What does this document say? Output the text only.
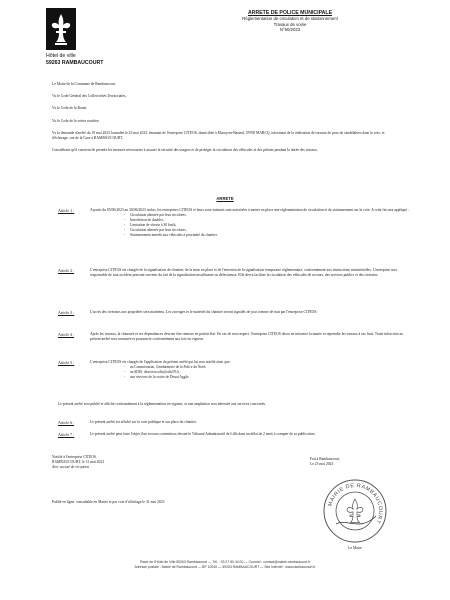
Hôtel de ville
59263 RAMBAUCOURT
ARRETE DE POLICE MUNICIPALE
Réglementation de circulation et de stationnement
Travaux de voirie
N°60/2023
Le Maire de la Commune de Rambaucourt,
Vu le Code Général des Collectivités Territoriales,
Vu le Code de la Route,
Vu le Code de la voirie routière,
Vu la demande d'arrêté du 19 mai 2023 formulée le 23 mai 2023, émanant de l'entreprise CITEOS, domiciliée à Marcq-en-Barœul, 59700 MARCQ, informant de la réalisation de travaux de pose de candélabres dans la voie, et d'éclairage, rue de la Gare à RAMBAUCOURT,
Considérant qu'il convient de prendre les mesures nécessaires à assurer la sécurité des usagers et de protéger la circulation des véhicules et des piétons pendant la durée des travaux,
ARRETE
Article 1 :	A partir du 05/06/2023 au 30/06/2023 inclus, les entreprises CITEOS et leurs sous-traitants sont autorisées à mettre en place une réglementation de circulation et de stationnement sur la voie. A cette fin sera appliqué :
- Circulation alternée par feux tricolores,
- Interdiction de doubler,
- Limitation de vitesse à 30 km/h,
- Circulation alternée par feux tricolores,
- Stationnement interdit aux véhicules à proximité du chantier.
Article 2 :	L'entreprise CITEOS est chargée de la signalisation de chantier, de la mise en place et de l'entretien de la signalisation temporaire réglementaire, conformément aux instructions ministérielles. L'entreprise sera responsable de tout accident pouvant survenir du fait de la signalisation insuffisante ou défectueuse. Elle devra faciliter la circulation des véhicules de secours, des services publics et des riverains.
Article 3 :	L'accès des riverains aux propriétés sera maintenu. Les ouvrages et le matériel du chantier seront signalés de jour comme de nuit par l'entreprise CITEOS.
Article 4 :	Après les travaux, la chaussée et ses dépendances devront être remises en parfait état. En cas de non respect, l'entreprise CITEOS devra en informer la mairie et reprendre les travaux à ses frais. Toute infraction au présent arrêté sera constatée et poursuivie conformément aux lois en vigueur.
Article 5 :	L'entreprise CITEOS est chargée de l'application du présent arrêté qui lui sera notifié ainsi que :
- au Commissariat, Gendarmerie de la Police du Nord,
- au SDIS, direction.sdis@sdis59.fr,
- aux services de la voirie de Douai Agglo.
Le présent arrêté sera publié et affiché conformément à la réglementation en vigueur, et une ampliation sera adressée aux services concernés.
Article 6 :	Le présent arrêté est affiché sur la voie publique et sur place du chantier.
Article 7 :	Le présent arrêté peut faire l'objet d'un recours contentieux devant le Tribunal Administratif de Lille dans un délai de 2 mois à compter de sa publication.
Notifié à l'entreprise CITEOS
RAMBAUCOURT, le 31 mai 2023
Avec accusé de réception
Fait à Rambaucourt,
Le 25 mai 2023
MAIRIE DE RAMBAUCOURT
Le Maire
Publié en ligne, consultable en Mairie et par voie d'affichage le 31 mai 2023
Place de l'Hôtel de Ville 59263 Rambaucourt — Tél. : 03 27 80 44 00 — Courriel : contact@mairie-rambaucourt.fr
Adresse postale : Mairie de Rambaucourt — BP 10045 — 59263 RAMBAUCOURT — Site internet : www.rambaucourt.fr
